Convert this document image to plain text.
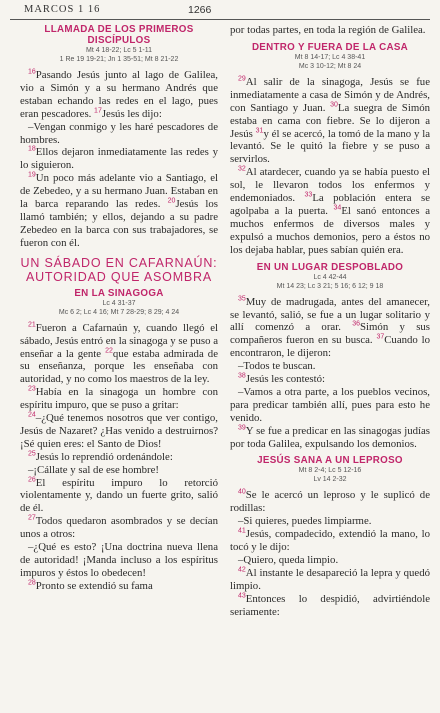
MARCOS 1 16	1266
LLAMADA DE LOS PRIMEROS DISCÍPULOS
Mt 4 18-22; Lc 5 1-11
1 Re 19 19-21; Jn 1 35-51; Mt 8 21-22

$^{16}$Pasando Jesús junto al lago de Galilea, vio a Simón y a su hermano Andrés que estaban echando las redes en el lago, pues eran pescadores. $^{17}$Jesús les dijo:

–Vengan conmigo y les haré pescadores de hombres.

$^{18}$Ellos dejaron inmediatamente las redes y lo siguieron.

$^{19}$Un poco más adelante vio a Santiago, el de Zebedeo, y a su hermano Juan. Estaban en la barca reparando las redes. $^{20}$Jesús los llamó también; y ellos, dejando a su padre Zebedeo en la barca con sus trabajadores, se fueron con él.

UN SÁBADO EN CAFARNAÚN: AUTORIDAD QUE ASOMBRA
EN LA SINAGOGA
Lc 4 31-37
Mc 6 2; Lc 4 16; Mt 7 28-29; 8 29; 4 24

$^{21}$Fueron a Cafarnaún y, cuando llegó el sábado, Jesús entró en la sinagoga y se puso a enseñar a la gente $^{22}$que estaba admirada de su enseñanza, porque les enseñaba con autoridad, y no como los maestros de la ley.

$^{23}$Había en la sinagoga un hombre con espíritu impuro, que se puso a gritar:

$^{24}$–¿Qué tenemos nosotros que ver contigo, Jesús de Nazaret? ¿Has venido a destruirnos? ¡Sé quien eres: el Santo de Dios!

$^{25}$Jesús lo reprendió ordenándole:

–¡Cállate y sal de ese hombre!

$^{26}$El espíritu impuro lo retorció violentamente y, dando un fuerte grito, salió de él.

$^{27}$Todos quedaron asombrados y se decían unos a otros:

–¿Qué es esto? ¡Una doctrina nueva llena de autoridad! ¡Manda incluso a los espíritus impuros y éstos lo obedecen!

$^{28}$Pronto se extendió su fama

por todas partes, en toda la región de Galilea.

DENTRO Y FUERA DE LA CASA
Mt 8 14-17; Lc 4 38-41
Mc 3 10-12; Mt 8 24

$^{29}$Al salir de la sinagoga, Jesús se fue inmediatamente a casa de Simón y de Andrés, con Santiago y Juan. $^{30}$La suegra de Simón estaba en cama con fiebre. Se lo dijeron a Jesús $^{31}$y él se acercó, la tomó de la mano y la levantó. Se le quitó la fiebre y se puso a servirlos.

$^{32}$Al atardecer, cuando ya se había puesto el sol, le llevaron todos los enfermos y endemoniados. $^{33}$La población entera se agolpaba a la puerta. $^{34}$El sanó entonces a muchos enfermos de diversos males y expulsó a muchos demonios, pero a éstos no los dejaba hablar, pues sabían quién era.

EN UN LUGAR DESPOBLADO
Lc 4 42-44
Mt 14 23; Lc 3 21; 5 16; 6 12; 9 18

$^{35}$Muy de madrugada, antes del amanecer, se levantó, salió, se fue a un lugar solitario y allí comenzó a orar. $^{36}$Simón y sus compañeros fueron en su busca. $^{37}$Cuando lo encontraron, le dijeron:

–Todos te buscan.

$^{38}$Jesús les contestó:

–Vamos a otra parte, a los pueblos vecinos, para predicar también allí, pues para esto he venido.

$^{39}$Y se fue a predicar en las sinagogas judías por toda Galilea, expulsando los demonios.

JESÚS SANA A UN LEPROSO
Mt 8 2-4; Lc 5 12-16
Lv 14 2-32

$^{40}$Se le acercó un leproso y le suplicó de rodillas:

–Si quieres, puedes limpiarme.

$^{41}$Jesús, compadecido, extendió la mano, lo tocó y le dijo:

–Quiero, queda limpio.

$^{42}$Al instante le desapareció la lepra y quedó limpio.

$^{43}$Entonces lo despidió, advirtiéndole seriamente:
